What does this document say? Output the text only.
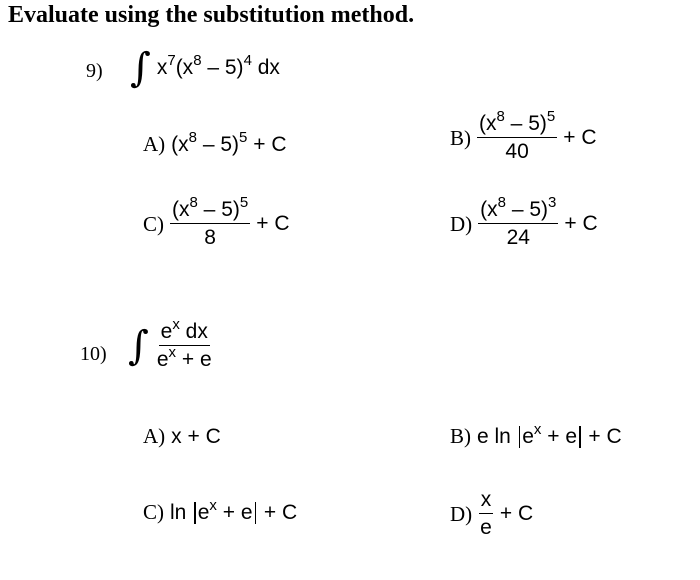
Evaluate using the substitution method.
9) ∫ $x^7(x^8 - 5)^4$ dx
A) $(x^8 - 5)^5 + C$	$B) \frac{(x^8 - 5)^5}{40} + C$
$C) \frac{(x^8 - 5)^5}{8} + C$	$D) \frac{(x^8 - 5)^3}{24} + C$
10) ∫ $\frac{e^x dx}{e^x + e}$
A) x + C	B) e $\ln e^x + e + C$
C) $\ln e^x + e + C$	$D) \frac{x}{e} + C$
